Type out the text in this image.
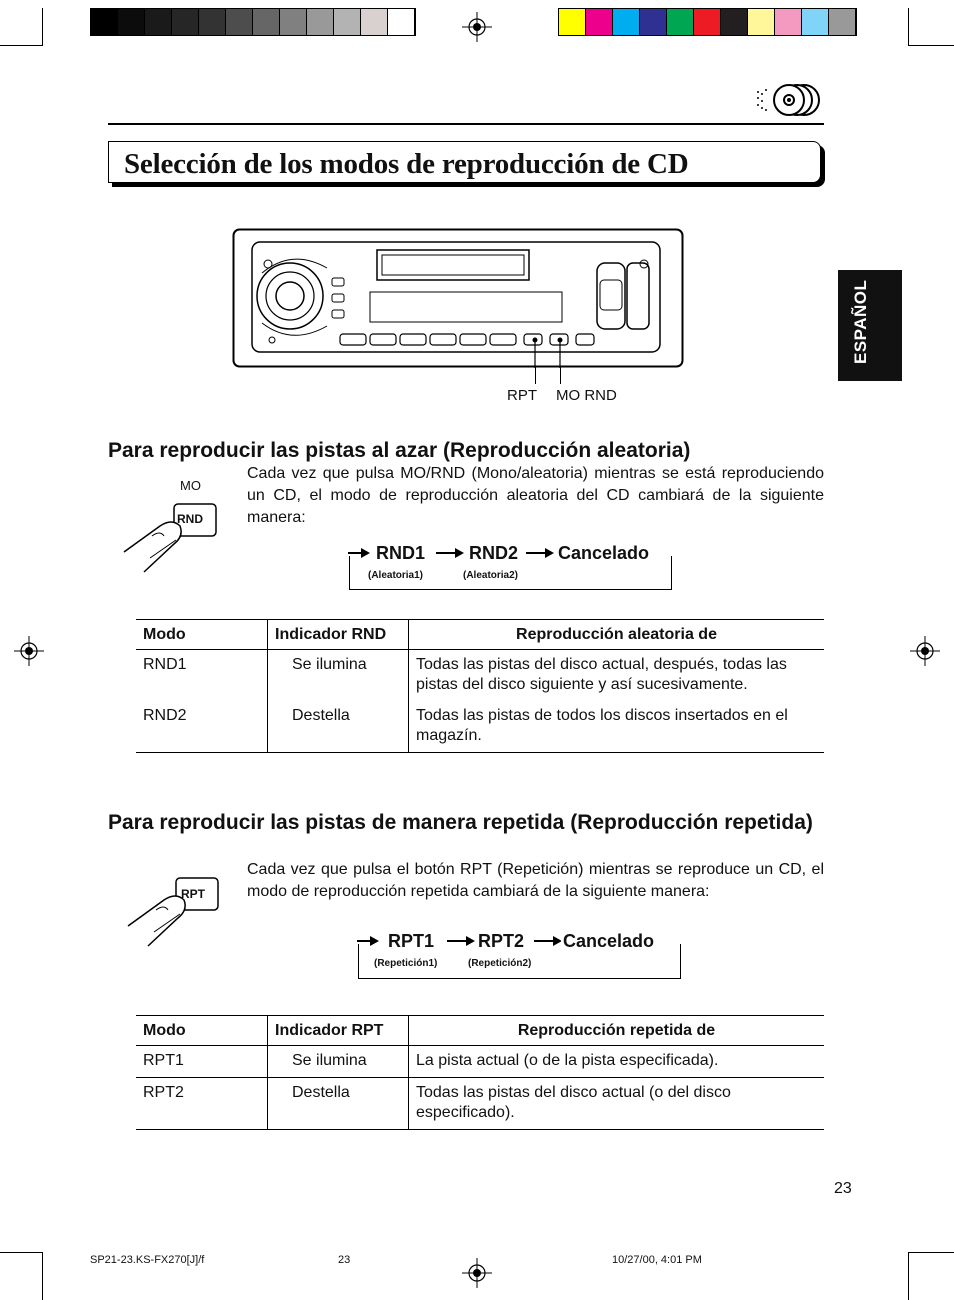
Selección de los modos de reproducción de CD
ESPAÑOL
RPT MO RND
Para reproducir las pistas al azar (Reproducción aleatoria)
MO
RND
Cada vez que pulsa MO/RND (Mono/aleatoria) mientras se está reproduciendo un CD, el modo de reproducción aleatoria del CD cambiará de la siguiente manera:
RND1 RND2 Cancelado
(Aleatoria1)	(Aleatoria2)
Modo	Indicador RND	Reproducción aleatoria de
RND1	Se ilumina	Todas las pistas del disco actual, después, todas las pistas del disco siguiente y así sucesivamente.
RND2	Destella	Todas las pistas de todos los discos insertados en el magazín.
Para reproducir las pistas de manera repetida (Reproducción repetida)
RPT
Cada vez que pulsa el botón RPT (Repetición) mientras se reproduce un CD, el modo de reproducción repetida cambiará de la siguiente manera:
RPT1 RPT2 Cancelado
(Repetición1)	(Repetición2)
Modo	Indicador RPT	Reproducción repetida de
RPT1	Se ilumina	La pista actual (o de la pista especificada).
RPT2	Destella	Todas las pistas del disco actual (o del disco especificado).
23
SP21-23.KS-FX270[J]/f	23	10/27/00, 4:01 PM
